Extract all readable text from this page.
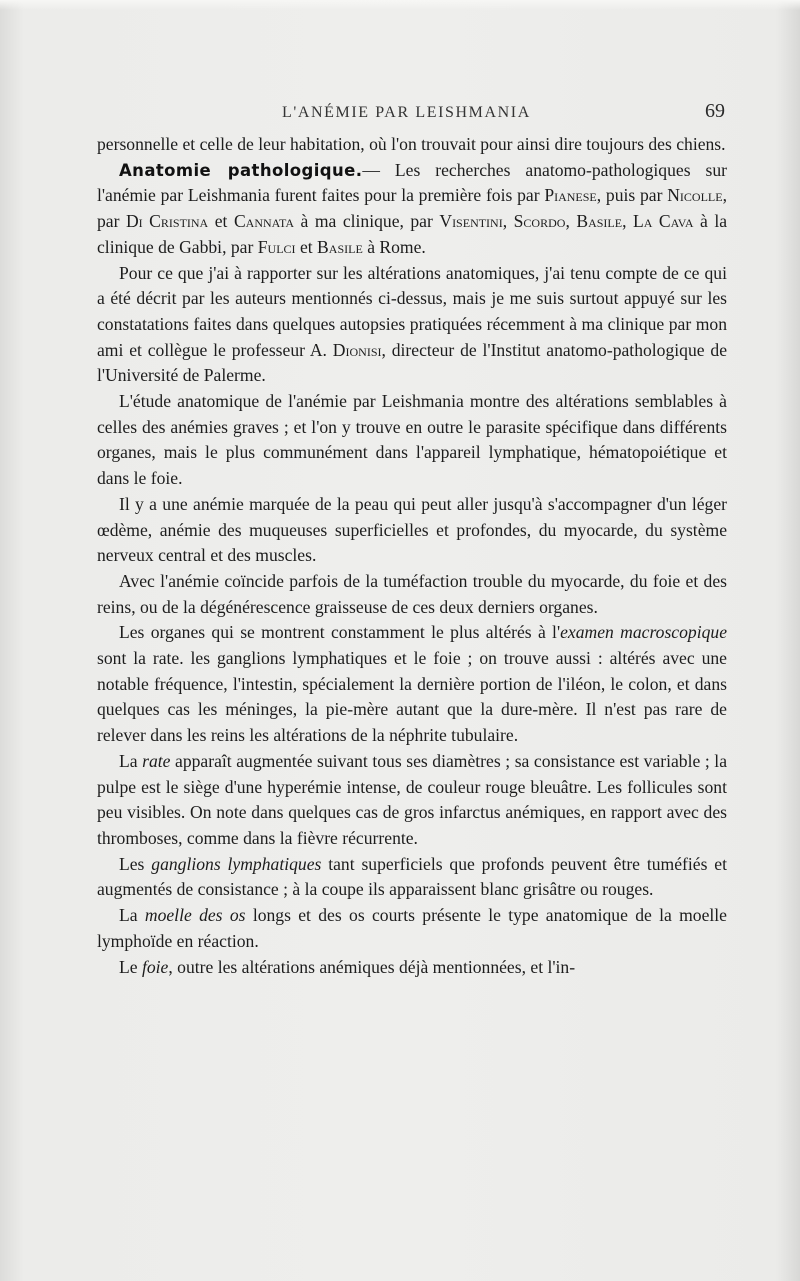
L'ANÉMIE PAR LEISHMANIA	69

personnelle et celle de leur habitation, où l'on trouvait pour ainsi dire toujours des chiens.

Anatomie pathologique.— Les recherches anatomo-pathologiques sur l'anémie par Leishmania furent faites pour la première fois par Pianese, puis par Nicolle, par Di Cristina et Cannata à ma clinique, par Visentini, Scordo, Basile, La Cava à la clinique de Gabbi, par Fulci et Basile à Rome.

Pour ce que j'ai à rapporter sur les altérations anatomiques, j'ai tenu compte de ce qui a été décrit par les auteurs mentionnés ci-dessus, mais je me suis surtout appuyé sur les constatations faites dans quelques autopsies pratiquées récemment à ma clinique par mon ami et collègue le professeur A. Dionisi, directeur de l'Institut anatomo-pathologique de l'Université de Palerme.

L'étude anatomique de l'anémie par Leishmania montre des altérations semblables à celles des anémies graves ; et l'on y trouve en outre le parasite spécifique dans différents organes, mais le plus communément dans l'appareil lymphatique, hématopoiétique et dans le foie.

Il y a une anémie marquée de la peau qui peut aller jusqu'à s'accompagner d'un léger œdème, anémie des muqueuses superficielles et profondes, du myocarde, du système nerveux central et des muscles.

Avec l'anémie coïncide parfois de la tuméfaction trouble du myocarde, du foie et des reins, ou de la dégénérescence graisseuse de ces deux derniers organes.

Les organes qui se montrent constamment le plus altérés à l'examen macroscopique sont la rate. les ganglions lymphatiques et le foie ; on trouve aussi : altérés avec une notable fréquence, l'intestin, spécialement la dernière portion de l'iléon, le colon, et dans quelques cas les méninges, la pie-mère autant que la dure-mère. Il n'est pas rare de relever dans les reins les altérations de la néphrite tubulaire.

La rate apparaît augmentée suivant tous ses diamètres ; sa consistance est variable ; la pulpe est le siège d'une hyperémie intense, de couleur rouge bleuâtre. Les follicules sont peu visibles. On note dans quelques cas de gros infarctus anémiques, en rapport avec des thromboses, comme dans la fièvre récurrente.

Les ganglions lymphatiques tant superficiels que profonds peuvent être tuméfiés et augmentés de consistance ; à la coupe ils apparaissent blanc grisâtre ou rouges.

La moelle des os longs et des os courts présente le type anatomique de la moelle lymphoïde en réaction.

Le foie, outre les altérations anémiques déjà mentionnées, et l'in-
